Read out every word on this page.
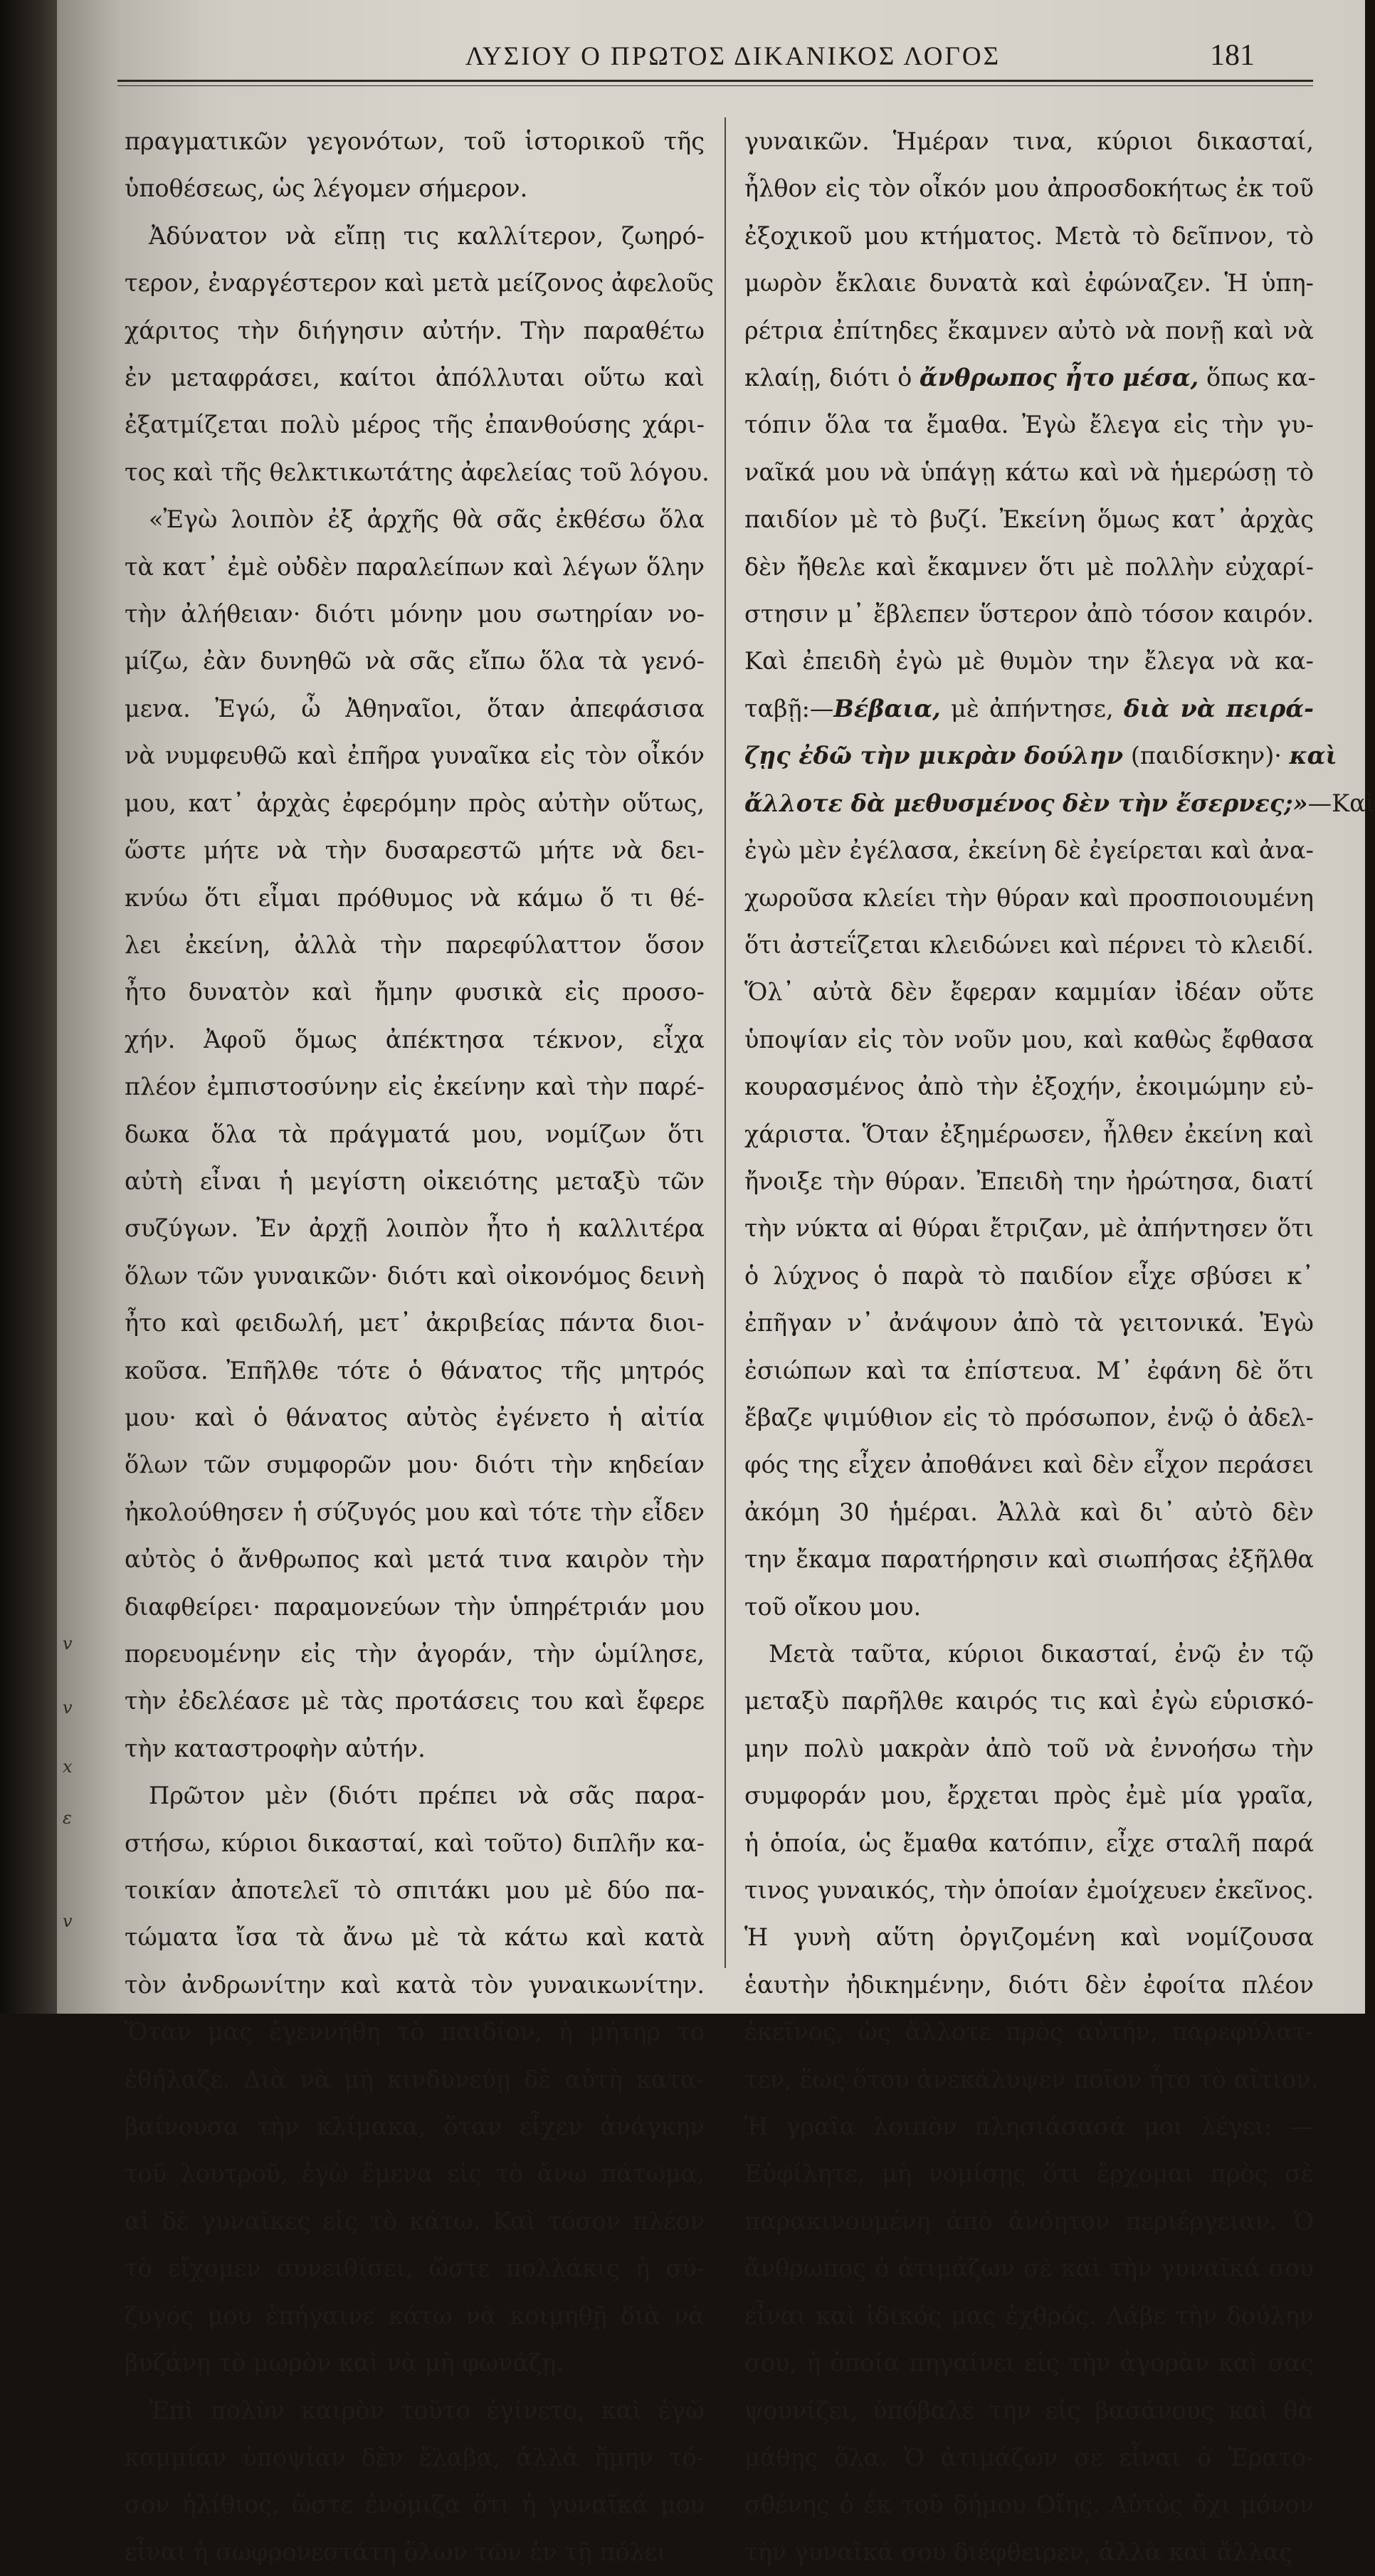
v
v
x
ε
v
ΛΥΣΙΟΥ Ο ΠΡΩΤΟΣ ΔΙΚΑΝΙΚΟΣ ΛΟΓΟΣ	181
πραγματικῶν γεγονότων, τοῦ ἱστορικοῦ τῆς
ὑποθέσεως, ὡς λέγομεν σήμερον.
Ἀδύνατον νὰ εἴπῃ τις καλλίτερον, ζωηρό-
τερον, ἐναργέστερον καὶ μετὰ μείζονος ἀφελοῦς
χάριτος τὴν διήγησιν αὐτήν. Τὴν παραθέτω
ἐν μεταφράσει, καίτοι ἀπόλλυται οὕτω καὶ
ἐξατμίζεται πολὺ μέρος τῆς ἐπανθούσης χάρι-
τος καὶ τῆς θελκτικωτάτης ἀφελείας τοῦ λόγου.
«Ἐγὼ λοιπὸν ἐξ ἀρχῆς θὰ σᾶς ἐκθέσω ὅλα
τὰ κατ᾽ ἐμὲ οὐδὲν παραλείπων καὶ λέγων ὅλην
τὴν ἀλήθειαν· διότι μόνην μου σωτηρίαν νο-
μίζω, ἐὰν δυνηθῶ νὰ σᾶς εἴπω ὅλα τὰ γενό-
μενα. Ἐγώ, ὦ Ἀθηναῖοι, ὅταν ἀπεφάσισα
νὰ νυμφευθῶ καὶ ἐπῆρα γυναῖκα εἰς τὸν οἶκόν
μου, κατ᾽ ἀρχὰς ἐφερόμην πρὸς αὐτὴν οὕτως,
ὥστε μήτε νὰ τὴν δυσαρεστῶ μήτε νὰ δει-
κνύω ὅτι εἶμαι πρόθυμος νὰ κάμω ὅ τι θέ-
λει ἐκείνη, ἀλλὰ τὴν παρεφύλαττον ὅσον
ἦτο δυνατὸν καὶ ἤμην φυσικὰ εἰς προσο-
χήν. Ἀφοῦ ὅμως ἀπέκτησα τέκνον, εἶχα
πλέον ἐμπιστοσύνην εἰς ἐκείνην καὶ τὴν παρέ-
δωκα ὅλα τὰ πράγματά μου, νομίζων ὅτι
αὐτὴ εἶναι ἡ μεγίστη οἰκειότης μεταξὺ τῶν
συζύγων. Ἐν ἀρχῇ λοιπὸν ἦτο ἡ καλλιτέρα
ὅλων τῶν γυναικῶν· διότι καὶ οἰκονόμος δεινὴ
ἦτο καὶ φειδωλή, μετ᾽ ἀκριβείας πάντα διοι-
κοῦσα. Ἐπῆλθε τότε ὁ θάνατος τῆς μητρός
μου· καὶ ὁ θάνατος αὐτὸς ἐγένετο ἡ αἰτία
ὅλων τῶν συμφορῶν μου· διότι τὴν κηδείαν
ἠκολούθησεν ἡ σύζυγός μου καὶ τότε τὴν εἶδεν
αὐτὸς ὁ ἄνθρωπος καὶ μετά τινα καιρὸν τὴν
διαφθείρει· παραμονεύων τὴν ὑπηρέτριάν μου
πορευομένην εἰς τὴν ἀγοράν, τὴν ὡμίλησε,
τὴν ἐδελέασε μὲ τὰς προτάσεις του καὶ ἔφερε
τὴν καταστροφὴν αὐτήν.
Πρῶτον μὲν (διότι πρέπει νὰ σᾶς παρα-
στήσω, κύριοι δικασταί, καὶ τοῦτο) διπλῆν κα-
τοικίαν ἀποτελεῖ τὸ σπιτάκι μου μὲ δύο πα-
τώματα ἴσα τὰ ἄνω μὲ τὰ κάτω καὶ κατὰ
τὸν ἀνδρωνίτην καὶ κατὰ τὸν γυναικωνίτην.
Ὅταν μας ἐγεννήθη τὸ παιδίον, ἡ μήτηρ το
ἐθήλαζε. Διὰ νὰ μὴ κινδυνεύῃ δὲ αὐτὴ κατα-
βαίνουσα τὴν κλίμακα, ὅταν εἶχεν ἀνάγκην
τοῦ λουτροῦ, ἐγὼ ἔμενα εἰς τὸ ἄνω πάτωμα,
αἱ δὲ γυναῖκες εἰς τὸ κάτω. Καὶ τόσον πλέον
τὸ εἴχομεν συνειθίσει, ὥστε πολλάκις ἡ σύ-
ζυγός μου ἐπήγαινε κάτω νὰ κοιμηθῇ διὰ νὰ
βυζάνῃ τὸ μωρὸν καὶ νὰ μὴ φωνάζῃ.
Ἐπὶ πολὺν καιρὸν τοῦτο ἐγίνετο, καὶ ἐγὼ
καμμίαν ὑποψίαν δὲν ἔλαβα, ἀλλὰ ἤμην τό-
σον ἠλίθιος, ὥστε ἐνόμιζα ὅτι ἡ γυναῖκά μου
εἶναι ἡ σωφρονεστάτη ὅλων τῶν ἐν τῇ πόλει
γυναικῶν. Ἡμέραν τινα, κύριοι δικασταί,
ἦλθον εἰς τὸν οἶκόν μου ἀπροσδοκήτως ἐκ τοῦ
ἐξοχικοῦ μου κτήματος. Μετὰ τὸ δεῖπνον, τὸ
μωρὸν ἔκλαιε δυνατὰ καὶ ἐφώναζεν. Ἡ ὑπη-
ρέτρια ἐπίτηδες ἔκαμνεν αὐτὸ νὰ πονῇ καὶ νὰ
κλαίῃ, διότι ὁ ἄνθρωπος ἦτο μέσα, ὅπως κα-
τόπιν ὅλα τα ἔμαθα. Ἐγὼ ἔλεγα εἰς τὴν γυ-
ναῖκά μου νὰ ὑπάγῃ κάτω καὶ νὰ ἡμερώσῃ τὸ
παιδίον μὲ τὸ βυζί. Ἐκείνη ὅμως κατ᾽ ἀρχὰς
δὲν ἤθελε καὶ ἔκαμνεν ὅτι μὲ πολλὴν εὐχαρί-
στησιν μ᾽ ἔβλεπεν ὕστερον ἀπὸ τόσον καιρόν.
Καὶ ἐπειδὴ ἐγὼ μὲ θυμὸν την ἔλεγα νὰ κα-
ταβῇ:—Βέβαια, μὲ ἀπήντησε, διὰ νὰ πειρά-
ζῃς ἐδῶ τὴν μικρὰν δούλην (παιδίσκην)· καὶ
ἄλλοτε δὰ μεθυσμένος δὲν τὴν ἔσερνες;»—Καὶ
ἐγὼ μὲν ἐγέλασα, ἐκείνη δὲ ἐγείρεται καὶ ἀνα-
χωροῦσα κλείει τὴν θύραν καὶ προσποιουμένη
ὅτι ἀστεΐζεται κλειδώνει καὶ πέρνει τὸ κλειδί.
Ὅλ᾽ αὐτὰ δὲν ἔφεραν καμμίαν ἰδέαν οὔτε
ὑποψίαν εἰς τὸν νοῦν μου, καὶ καθὼς ἔφθασα
κουρασμένος ἀπὸ τὴν ἐξοχήν, ἐκοιμώμην εὐ-
χάριστα. Ὅταν ἐξημέρωσεν, ἦλθεν ἐκείνη καὶ
ἤνοιξε τὴν θύραν. Ἐπειδὴ την ἠρώτησα, διατί
τὴν νύκτα αἱ θύραι ἔτριζαν, μὲ ἀπήντησεν ὅτι
ὁ λύχνος ὁ παρὰ τὸ παιδίον εἶχε σβύσει κ᾽
ἐπῆγαν ν᾽ ἀνάψουν ἀπὸ τὰ γειτονικά. Ἐγὼ
ἐσιώπων καὶ τα ἐπίστευα. Μ᾽ ἐφάνη δὲ ὅτι
ἔβαζε ψιμύθιον εἰς τὸ πρόσωπον, ἐνῷ ὁ ἀδελ-
φός της εἶχεν ἀποθάνει καὶ δὲν εἶχον περάσει
ἀκόμη 30 ἡμέραι. Ἀλλὰ καὶ δι᾽ αὐτὸ δὲν
την ἔκαμα παρατήρησιν καὶ σιωπήσας ἐξῆλθα
τοῦ οἴκου μου.
Μετὰ ταῦτα, κύριοι δικασταί, ἐνῷ ἐν τῷ
μεταξὺ παρῆλθε καιρός τις καὶ ἐγὼ εὑρισκό-
μην πολὺ μακρὰν ἀπὸ τοῦ νὰ ἐννοήσω τὴν
συμφοράν μου, ἔρχεται πρὸς ἐμὲ μία γραῖα,
ἡ ὁποία, ὡς ἔμαθα κατόπιν, εἶχε σταλῆ παρά
τινος γυναικός, τὴν ὁποίαν ἐμοίχευεν ἐκεῖνος.
Ἡ γυνὴ αὕτη ὀργιζομένη καὶ νομίζουσα
ἑαυτὴν ἠδικημένην, διότι δὲν ἐφοίτα πλέον
ἐκεῖνος, ὡς ἄλλοτε πρὸς αὐτήν, παρεφύλατ-
τεν, ἕως ὅτου ἀνεκάλυψεν ποῖον ἦτο τὸ αἴτιον.
Ἡ γραῖα λοιπὸν πλησιάσασά μοι λέγει: —
Εὐφίλητε, μὴ νομίσῃς ὅτι ἔρχομαι πρὸς σὲ
παρακινουμένη ἀπὸ ἀνόητον περιέργειαν. Ὁ
ἄνθρωπος ὁ ἀτιμάζων σὲ καὶ τὴν γυναῖκά σου
εἶναι καὶ ἰδικός μας ἐχθρός. Λάβε τὴν δούλην
σου, ἡ ὁποία πηγαίνει εἰς τὴν ἀγορὰν καὶ σας
ψουνίζει, ὑπόβαλέ την εἰς βασάνους καὶ θὰ
μάθῃς ὅλα. Ὁ ἀτιμάζων σε εἶναι ὁ Ἐρατο-
σθένης ὁ ἐκ τοῦ δήμου Οἴης. Αὐτὸς ὄχι μόνον
τὴν γυναῖκά σου διέφθειρεν, ἀλλὰ καὶ ἄλλας
